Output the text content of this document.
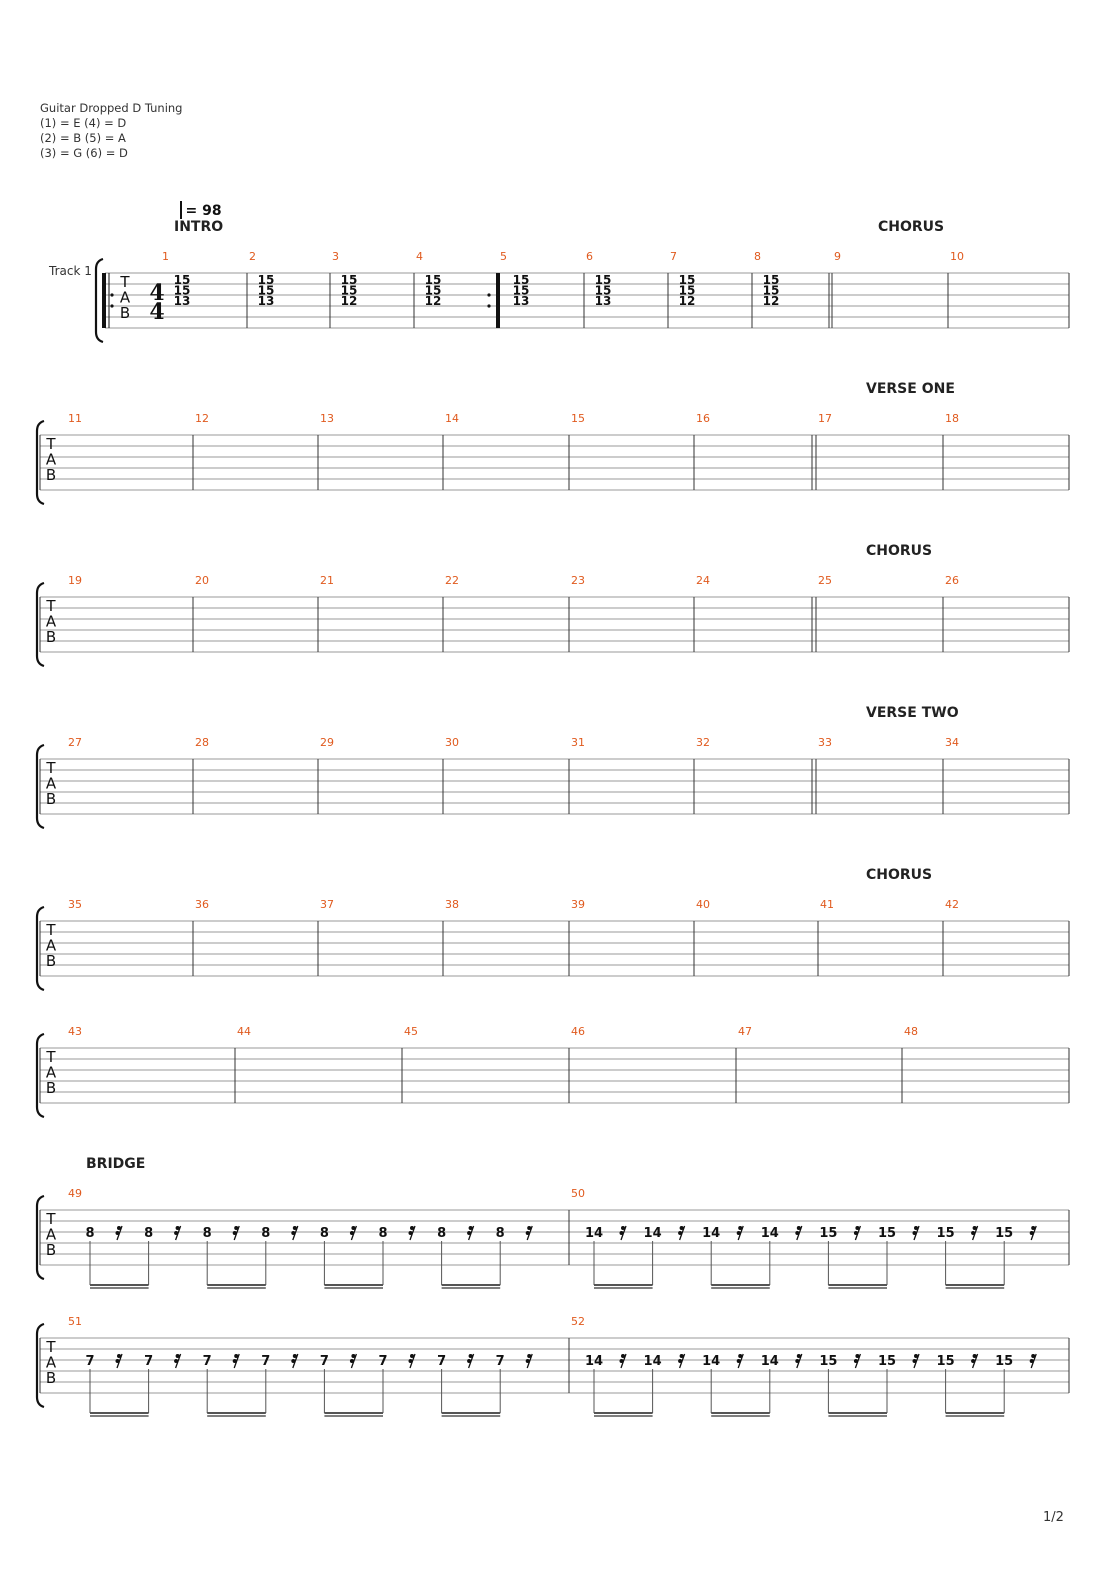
Guitar Dropped D Tuning
(1) = E (4) = D
(2) = B (5) = A
(3) = G (6) = D
= 98
INTRO	CHORUS
VERSE ONE
CHORUS
VERSE TWO
CHORUS
BRIDGE
Track 1
T
A
B
1	2	3	4	5	6	7	8	9	10
4
4
15
15
13
15
15
13
15
15
12
15
15
12
15
15
13
15
15
13
15
15
12
15
15
12
T
A
B
11	12	13	14	15	16	17	18
T
A
B
19	20	21	22	23	24	25	26
T
A
B
27	28	29	30	31	32	33	34
T
A
B
35	36	37	38	39	40	41	42
T
A
B
43	44	45	46	47	48
T
A
B
49	50
8	8	8	8	8	8	8	8	14	14	14	14	15	15	15	15
T
A
B
51	52
7	7	7	7	7	7	7	7	14	14	14	14	15	15	15	15
1/2
